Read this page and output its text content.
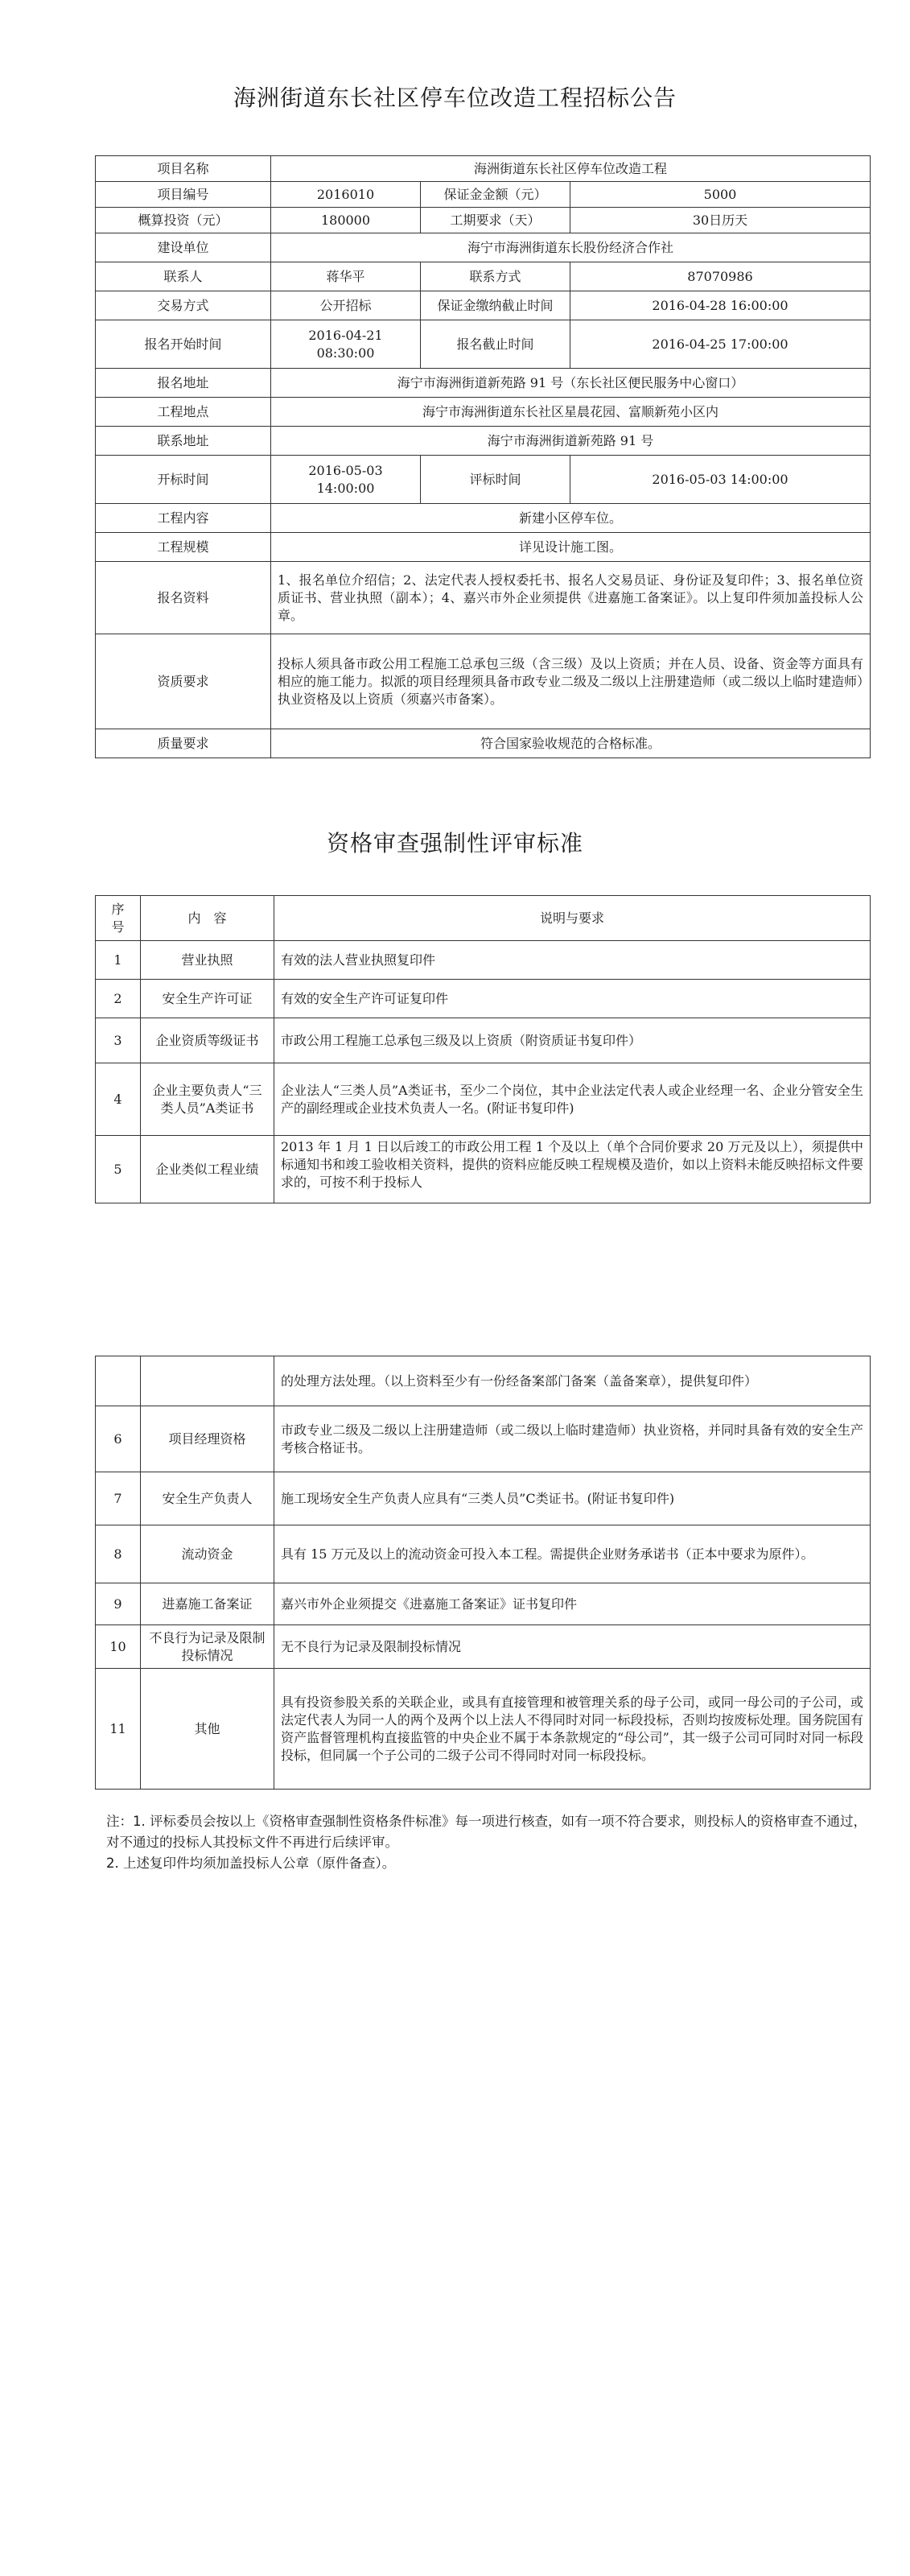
海洲街道东长社区停车位改造工程招标公告
项目名称	海洲街道东长社区停车位改造工程		
项目编号	2016010	保证金金额（元）	5000
概算投资（元）	180000	工期要求（天）	30日历天
建设单位	海宁市海洲街道东长股份经济合作社		
联系人	蒋华平	联系方式	87070986
交易方式	公开招标	保证金缴纳截止时间	2016-04-28 16:00:00
报名开始时间	2016-04-21 08:30:00	报名截止时间	2016-04-25 17:00:00
报名地址	海宁市海洲街道新苑路 91 号（东长社区便民服务中心窗口）		
工程地点	海宁市海洲街道东长社区星晨花园、富顺新苑小区内		
联系地址	海宁市海洲街道新苑路 91 号		
开标时间	2016-05-03 14:00:00	评标时间	2016-05-03 14:00:00
工程内容	新建小区停车位。		
工程规模	详见设计施工图。		
报名资料	1、报名单位介绍信；2、法定代表人授权委托书、报名人交易员证、身份证及复印件；3、报名单位资质证书、营业执照（副本）；4、嘉兴市外企业须提供《进嘉施工备案证》。以上复印件须加盖投标人公章。		
资质要求	投标人须具备市政公用工程施工总承包三级（含三级）及以上资质；并在人员、设备、资金等方面具有相应的施工能力。拟派的项目经理须具备市政专业二级及二级以上注册建造师（或二级以上临时建造师）执业资格及以上资质（须嘉兴市备案）。		
质量要求	符合国家验收规范的合格标准。		
资格审查强制性评审标准
序号	内　容	说明与要求
1	营业执照	有效的法人营业执照复印件
2	安全生产许可证	有效的安全生产许可证复印件
3	企业资质等级证书	市政公用工程施工总承包三级及以上资质（附资质证书复印件）
4	企业主要负责人“三类人员”A类证书	企业法人“三类人员”A类证书，至少二个岗位，其中企业法定代表人或企业经理一名、企业分管安全生产的副经理或企业技术负责人一名。(附证书复印件)
5	企业类似工程业绩	2013 年 1 月 1 日以后竣工的市政公用工程 1 个及以上（单个合同价要求 20 万元及以上），须提供中标通知书和竣工验收相关资料，提供的资料应能反映工程规模及造价，如以上资料未能反映招标文件要求的，可按不利于投标人
		的处理方法处理。（以上资料至少有一份经备案部门备案（盖备案章），提供复印件）
6	项目经理资格	市政专业二级及二级以上注册建造师（或二级以上临时建造师）执业资格，并同时具备有效的安全生产考核合格证书。
7	安全生产负责人	施工现场安全生产负责人应具有“三类人员”C类证书。(附证书复印件)
8	流动资金	具有 15 万元及以上的流动资金可投入本工程。需提供企业财务承诺书（正本中要求为原件）。
9	进嘉施工备案证	嘉兴市外企业须提交《进嘉施工备案证》证书复印件
10	不良行为记录及限制投标情况	无不良行为记录及限制投标情况
11	其他	具有投资参股关系的关联企业，或具有直接管理和被管理关系的母子公司，或同一母公司的子公司，或法定代表人为同一人的两个及两个以上法人不得同时对同一标段投标，否则均按废标处理。国务院国有资产监督管理机构直接监管的中央企业不属于本条款规定的“母公司”，其一级子公司可同时对同一标段投标，但同属一个子公司的二级子公司不得同时对同一标段投标。
注：1. 评标委员会按以上《资格审查强制性资格条件标准》每一项进行核查，如有一项不符合要求，则投标人的资格审查不通过，对不通过的投标人其投标文件不再进行后续评审。
2. 上述复印件均须加盖投标人公章（原件备查）。
